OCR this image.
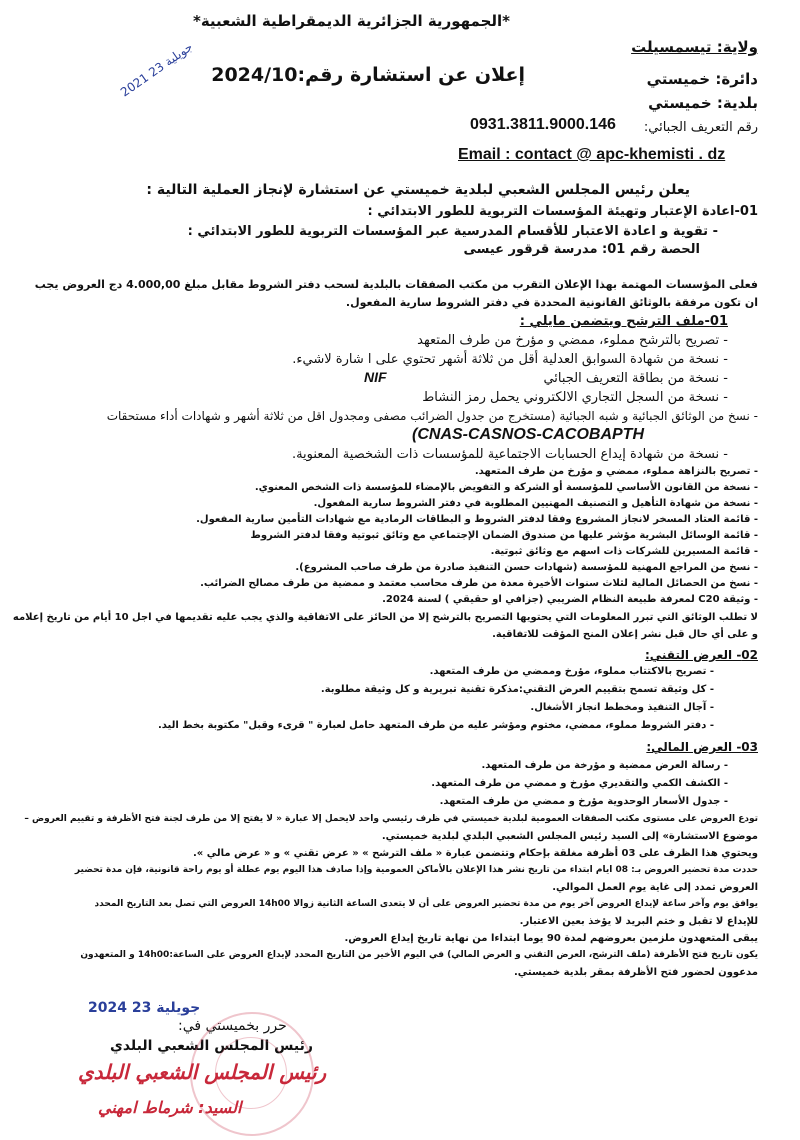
*الجمهورية الجزائرية الديمقراطية الشعبية*
ولاية: تيسمسيلت
دائرة: خميستي
إعلان عن استشارة رقم:2024/10
بلدية: خميستي
رقم التعريف الجبائي:
0931.3811.9000.146
Email : contact @ apc-khemisti . dz
2021 جويلية 23
يعلن رئيس المجلس الشعبي لبلدية خميستي عن استشارة لإنجاز العملية التالية :
01-اعادة الإعتبار وتهيئة المؤسسات التربوية للطور الابتدائي :
- تقوية و اعادة الاعتبار للأقسام المدرسية عبر المؤسسات التربوية للطور الابتدائي :
الحصة رقم 01: مدرسة قرقور عيسى
فعلى المؤسسات المهتمة بهذا الإعلان التقرب من مكتب الصفقات بالبلدية لسحب دفتر الشروط مقابل مبلغ 4.000,00 دج العروض يجب
ان تكون مرفقة بالوثائق القانونية المحددة في دفتر الشروط سارية المفعول.
01-ملف الترشح ويتضمن مايلي :
- تصريح بالترشح مملوء، ممضي و مؤرخ من طرف المتعهد
- نسخة من شهادة السوابق العدلية أقل من ثلاثة أشهر تحتوي على ا شارة لاشيء.
- نسخة من بطاقة التعريف الجبائي
NIF
- نسخة من السجل التجاري الالكتروني يحمل رمز النشاط
- نسخ من الوثائق الجبائية و شبه الجبائية (مستخرج من جدول الضرائب مصفى ومجدول اقل من ثلاثة أشهر و شهادات أداء مستحقات
(CNAS-CASNOS-CACOBAPTH
- نسخة من شهادة إيداع الحسابات الاجتماعية للمؤسسات ذات الشخصية المعنوية.
- تصريح بالنزاهة مملوء، ممضي و مؤرخ من طرف المتعهد.
- نسخة من القانون الأساسي للمؤسسة أو الشركة و التفويض بالإمضاء للمؤسسة ذات الشخص المعنوي.
- نسخة من شهادة التأهيل و التصنيف المهنيين المطلوبة في دفتر الشروط سارية المفعول.
- قائمة العتاد المسخر لانجاز المشروع وفقا لدفتر الشروط و البطاقات الرمادية مع شهادات التأمين سارية المفعول.
- قائمة الوسائل البشرية مؤشر عليها من صندوق الضمان الإجتماعي مع وثائق ثبوتية وفقا لدفتر الشروط
- قائمة المسيرين للشركات ذات اسهم مع وثائق ثبوتية.
- نسخ من المراجع المهنية للمؤسسة (شهادات حسن التنفيذ صادرة من طرف صاحب المشروع).
- نسخ من الحصائل المالية لثلاث سنوات الأخيرة معدة من طرف محاسب معتمد و ممضية من طرف مصالح الضرائب.
- وثيقة C20 لمعرفة طبيعة النظام الضريبي (جزافي او حقيقي ) لسنة 2024.
لا تطلب الوثائق التي تبرر المعلومات التي يحتويها التصريح بالترشح إلا من الحائز على الاتفاقية والذي يجب عليه تقديمها في اجل 10 أيام من تاريخ إعلامه
و على أي حال قبل نشر إعلان المنح المؤقت للاتفاقية.
02- العرض التقني:
- تصريح بالاكتتاب مملوء، مؤرخ وممضي من طرف المتعهد.
- كل وثيقة تسمح بتقييم العرض التقني:مذكرة تقنية تبريرية و كل وثيقة مطلوبة.
- آجال التنفيذ ومخطط انجاز الأشغال.
- دفتر الشروط مملوء، ممضي، مختوم ومؤشر عليه من طرف المتعهد حامل لعبارة " قرىء وقبل" مكتوبة بخط اليد.
03- العرض المالي:
- رسالة العرض ممضية و مؤرخة من طرف المتعهد.
- الكشف الكمي والتقديري مؤرخ و ممضي من طرف المتعهد.
- جدول الأسعار الوحدوية مؤرخ و ممضي من طرف المتعهد.
تودع العروض على مستوى مكتب الصفقات العمومية لبلدية خميستي في ظرف رئيسي واحد لايحمل إلا عبارة « لا يفتح إلا من طرف لجنة فتح الأظرفة و تقييم العروض –
موضوع الاستشارة» إلى السيد رئيس المجلس الشعبي البلدي لبلدية خميستي.
ويحتوي هذا الظرف على 03 أظرفة مغلقة بإحكام وتتضمن عبارة « ملف الترشح » « عرض تقني » و « عرض مالي ».
حددت مدة تحضير العروض بـ: 08 ايام ابتداء من تاريخ نشر هذا الإعلان بالأماكن العمومية وإذا صادف هذا اليوم يوم عطلة أو يوم راحة قانونية، فإن مدة تحضير
العروض تمدد إلى غاية يوم العمل الموالي.
يوافق يوم وآخر ساعة لإيداع العروض آخر يوم من مدة تحضير العروض على أن لا يتعدى الساعة الثانية زوالا 14h00 العروض التي تصل بعد التاريخ المحدد
للإيداع لا تقبل و ختم البريد لا يؤخذ بعين الاعتبار.
يبقى المتعهدون ملزمين بعروضهم لمدة 90 يوما ابتداءا من نهاية تاريخ إيداع العروض.
يكون تاريخ فتح الأظرفة (ملف الترشح، العرض التقني و العرض المالي) في اليوم الأخير من التاريخ المحدد لإيداع العروض على الساعة:14h00 و المتعهدون
مدعوون لحضور فتح الأظرفة بمقر بلدية خميستي.
2024 جويلية 23
حرر بخميستي في:
رئيس المجلس الشعبي البلدي
رئيس المجلس الشعبي البلدي
السيد: شرماط امهني
